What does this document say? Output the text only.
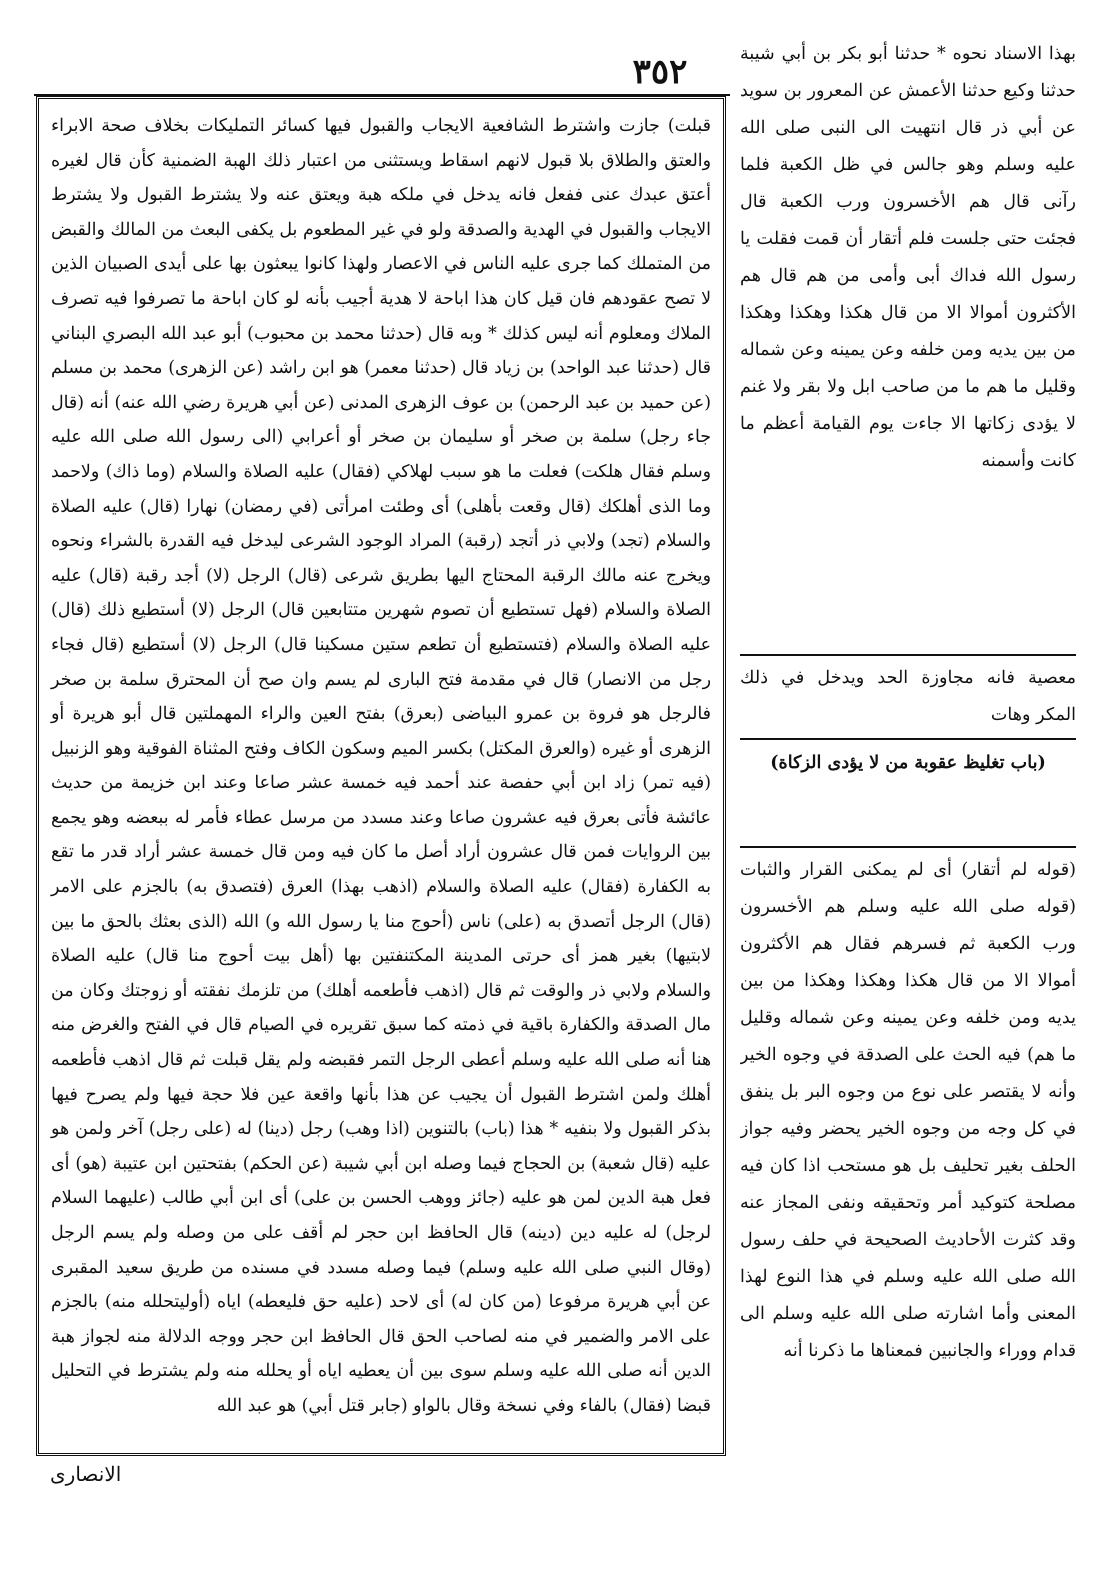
٣٥٢

قبلت) جازت واشترط الشافعية الايجاب والقبول فيها كسائر التمليكات بخلاف صحة الابراء والعتق والطلاق بلا قبول لانهم اسقاط ويستثنى من اعتبار ذلك الهبة الضمنية كأن قال لغيره أعتق عبدك عنى ففعل فانه يدخل في ملكه هبة ويعتق عنه ولا يشترط القبول ولا يشترط الايجاب والقبول في الهدية والصدقة ولو في غير المطعوم بل يكفى البعث من المالك والقبض من المتملك كما جرى عليه الناس في الاعصار ولهذا كانوا يبعثون بها على أيدى الصبيان الذين لا تصح عقودهم فان قيل كان هذا اباحة لا هدية أجيب بأنه لو كان اباحة ما تصرفوا فيه تصرف الملاك ومعلوم أنه ليس كذلك * وبه قال (حدثنا محمد بن محبوب) أبو عبد الله البصري البناني قال (حدثنا عبد الواحد) بن زياد قال (حدثنا معمر) هو ابن راشد (عن الزهرى) محمد بن مسلم (عن حميد بن عبد الرحمن) بن عوف الزهرى المدنى (عن أبي هريرة رضي الله عنه) أنه (قال جاء رجل) سلمة بن صخر أو سليمان بن صخر أو أعرابي (الى رسول الله صلى الله عليه وسلم فقال هلكت) فعلت ما هو سبب لهلاكي (فقال) عليه الصلاة والسلام (وما ذاك) ولاحمد وما الذى أهلكك (قال وقعت بأهلى) أى وطئت امرأتى (في رمضان) نهارا (قال) عليه الصلاة والسلام (تجد) ولابي ذر أتجد (رقبة) المراد الوجود الشرعى ليدخل فيه القدرة بالشراء ونحوه ويخرج عنه مالك الرقبة المحتاج اليها بطريق شرعى (قال) الرجل (لا) أجد رقبة (قال) عليه الصلاة والسلام (فهل تستطيع أن تصوم شهرين متتابعين قال) الرجل (لا) أستطيع ذلك (قال) عليه الصلاة والسلام (فتستطيع أن تطعم ستين مسكينا قال) الرجل (لا) أستطيع (قال فجاء رجل من الانصار) قال في مقدمة فتح البارى لم يسم وان صح أن المحترق سلمة بن صخر فالرجل هو فروة بن عمرو البياضى (بعرق) بفتح العين والراء المهملتين قال أبو هريرة أو الزهرى أو غيره (والعرق المكتل) بكسر الميم وسكون الكاف وفتح المثناة الفوقية وهو الزنبيل (فيه تمر) زاد ابن أبي حفصة عند أحمد فيه خمسة عشر صاعا وعند ابن خزيمة من حديث عائشة فأتى بعرق فيه عشرون صاعا وعند مسدد من مرسل عطاء فأمر له ببعضه وهو يجمع بين الروايات فمن قال عشرون أراد أصل ما كان فيه ومن قال خمسة عشر أراد قدر ما تقع به الكفارة (فقال) عليه الصلاة والسلام (اذهب بهذا) العرق (فتصدق به) بالجزم على الامر (قال) الرجل أتصدق به (على) ناس (أحوج منا يا رسول الله و) الله (الذى بعثك بالحق ما بين لابتيها) بغير همز أى حرتى المدينة المكتنفتين بها (أهل بيت أحوج منا قال) عليه الصلاة والسلام ولابي ذر والوقت ثم قال (اذهب فأطعمه أهلك) من تلزمك نفقته أو زوجتك وكان من مال الصدقة والكفارة باقية في ذمته كما سبق تقريره في الصيام قال في الفتح والغرض منه هنا أنه صلى الله عليه وسلم أعطى الرجل التمر فقبضه ولم يقل قبلت ثم قال اذهب فأطعمه أهلك ولمن اشترط القبول أن يجيب عن هذا بأنها واقعة عين فلا حجة فيها ولم يصرح فيها بذكر القبول ولا بنفيه * هذا (باب) بالتنوين (اذا وهب) رجل (دينا) له (على رجل) آخر ولمن هو عليه (قال شعبة) بن الحجاج فيما وصله ابن أبي شيبة (عن الحكم) بفتحتين ابن عتيبة (هو) أى فعل هبة الدين لمن هو عليه (جائز ووهب الحسن بن على) أى ابن أبي طالب (عليهما السلام لرجل) له عليه دين (دينه) قال الحافظ ابن حجر لم أقف على من وصله ولم يسم الرجل (وقال النبي صلى الله عليه وسلم) فيما وصله مسدد في مسنده من طريق سعيد المقبرى عن أبي هريرة مرفوعا (من كان له) أى لاحد (عليه حق فليعطه) اياه (أوليتحلله منه) بالجزم على الامر والضمير في منه لصاحب الحق قال الحافظ ابن حجر ووجه الدلالة منه لجواز هبة الدين أنه صلى الله عليه وسلم سوى بين أن يعطيه اياه أو يحلله منه ولم يشترط في التحليل قبضا (فقال) بالفاء وفي نسخة وقال بالواو (جابر قتل أبي) هو عبد الله

بهذا الاسناد نحوه * حدثنا أبو بكر بن أبي شيبة حدثنا وكيع حدثنا الأعمش عن المعرور بن سويد عن أبي ذر قال انتهيت الى النبى صلى الله عليه وسلم وهو جالس في ظل الكعبة فلما رآنى قال هم الأخسرون ورب الكعبة قال فجئت حتى جلست فلم أتقار أن قمت فقلت يا رسول الله فداك أبى وأمى من هم قال هم الأكثرون أموالا الا من قال هكذا وهكذا وهكذا من بين يديه ومن خلفه وعن يمينه وعن شماله وقليل ما هم ما من صاحب ابل ولا بقر ولا غنم لا يؤدى زكاتها الا جاءت يوم القيامة أعظم ما كانت وأسمنه

معصية فانه مجاوزة الحد ويدخل في ذلك المكر وهات

(باب تغليظ عقوبة من لا يؤدى الزكاة)

(قوله لم أتقار) أى لم يمكنى القرار والثبات (قوله صلى الله عليه وسلم هم الأخسرون ورب الكعبة ثم فسرهم فقال هم الأكثرون أموالا الا من قال هكذا وهكذا وهكذا من بين يديه ومن خلفه وعن يمينه وعن شماله وقليل ما هم) فيه الحث على الصدقة في وجوه الخير وأنه لا يقتصر على نوع من وجوه البر بل ينفق في كل وجه من وجوه الخير يحضر وفيه جواز الحلف بغير تحليف بل هو مستحب اذا كان فيه مصلحة كتوكيد أمر وتحقيقه ونفى المجاز عنه وقد كثرت الأحاديث الصحيحة في حلف رسول الله صلى الله عليه وسلم في هذا النوع لهذا المعنى وأما اشارته صلى الله عليه وسلم الى قدام ووراء والجانبين فمعناها ما ذكرنا أنه

الانصاری
